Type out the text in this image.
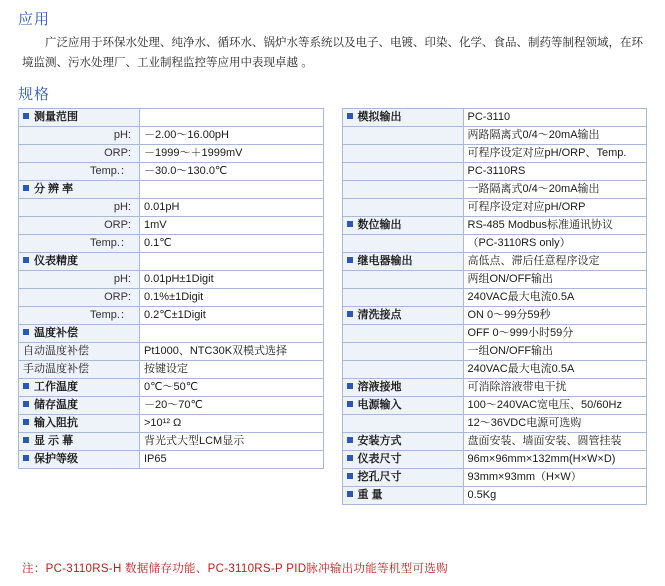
应用

广泛应用于环保水处理、纯净水、循环水、锅炉水等系统以及电子、电镀、印染、化学、食品、制药等制程领域，在环境监测、污水处理厂、工业制程监控等应用中表现卓越 。

规格
测量范围	
pH:	－2.00～16.00pH
ORP:	－1999～＋1999mV
Temp.：	－30.0～130.0℃
分 辨 率	
pH:	0.01pH
ORP:	1mV
Temp.：	0.1℃
仪表精度	
pH:	0.01pH±1Digit
ORP:	0.1%±1Digit
Temp.：	0.2℃±1Digit
温度补偿	
自动温度补偿	Pt1000、NTC30K双模式选择
手动温度补偿	按键设定
工作温度	0℃～50℃
储存温度	－20～70℃
输入阻抗	>10¹² Ω
显 示 幕	背光式大型LCM显示
保护等级	IP65
模拟输出	PC-3110
	两路隔离式0/4～20mA输出
	可程序设定对应pH/ORP、Temp.
	PC-3110RS
	一路隔离式0/4～20mA输出
	可程序设定对应pH/ORP
数位输出	RS-485 Modbus标准通讯协议
	（PC-3110RS only）
继电器输出	高低点、滞后任意程序设定
	两组ON/OFF输出
	240VAC最大电流0.5A
清洗接点	ON 0～99分59秒
	OFF 0～999小时59分
	一组ON/OFF输出
	240VAC最大电流0.5A
溶液接地	可消除溶液带电干扰
电源输入	100～240VAC宽电压、50/60Hz
	12～36VDC电源可选购
安装方式	盘面安装、墙面安装、圆管挂装
仪表尺寸	96m×96mm×132mm(H×W×D)
挖孔尺寸	93mm×93mm（H×W）
重 量	0.5Kg
注：PC-3110RS-H 数据储存功能、PC-3110RS-P PID脉冲输出功能等机型可选购
